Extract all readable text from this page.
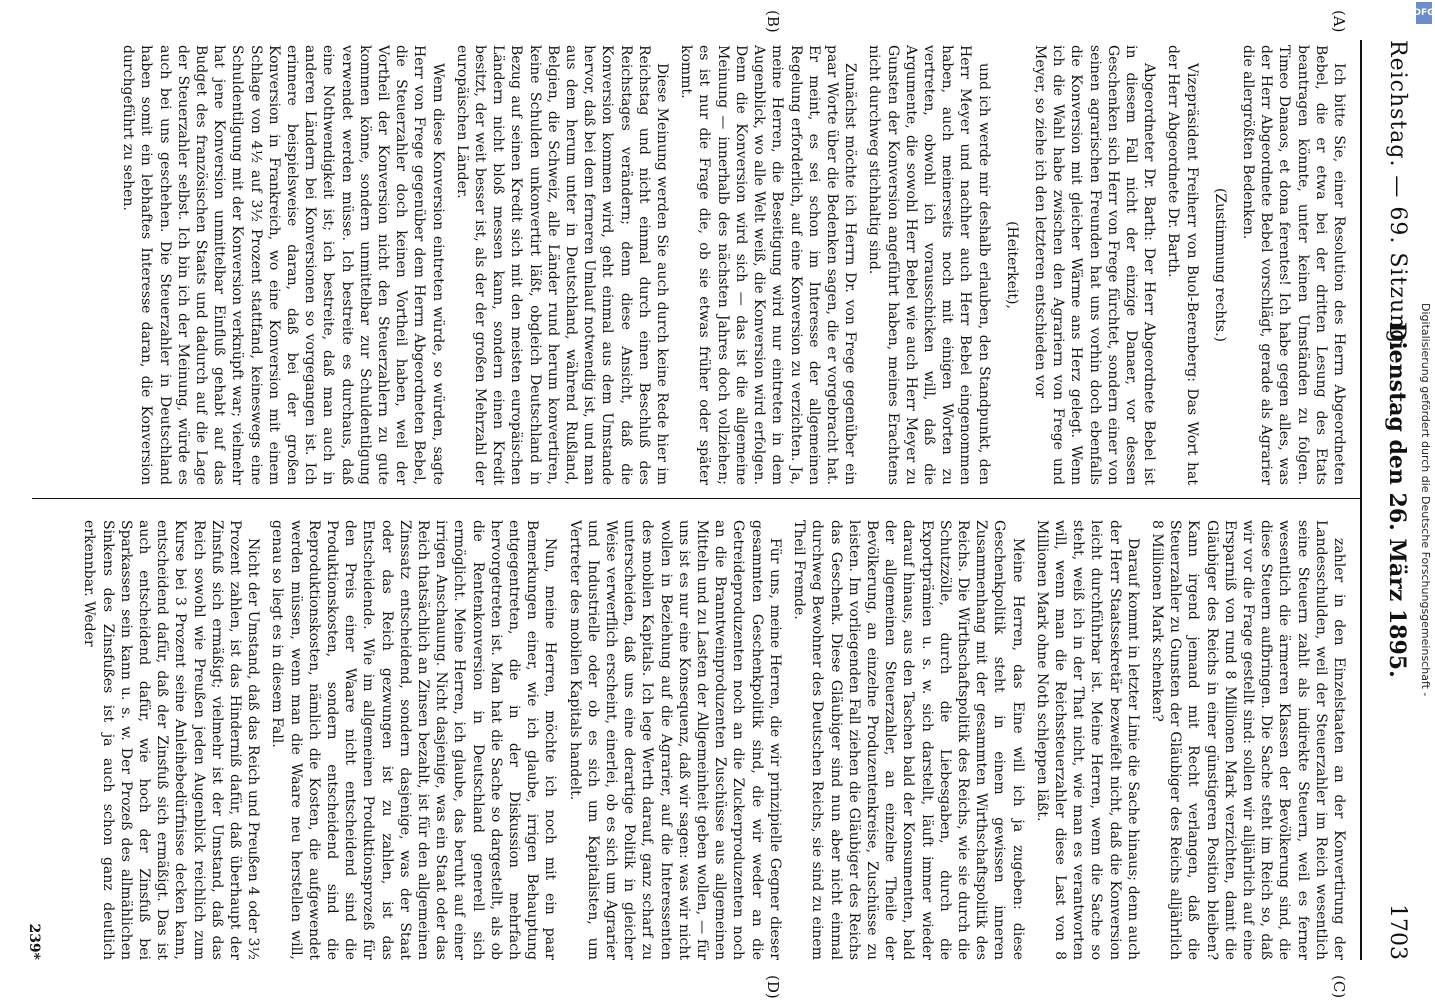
Reichstag. — 69. Sitzung.
Dienstag den 26. März 1895.
1703
(A)
(B)
(C)
(D)

Ich bitte Sie, einer Resolution des Herrn Abgeordneten Bebel, die er etwa bei der dritten Lesung des Etats beantragen könnte, unter keinen Umständen zu folgen. Timeo Danaos, et dona ferentes! Ich habe gegen alles, was der Herr Abgeordnete Bebel vorschlägt, gerade als Agrarier die allergrößten Bedenken.

(Zustimmung rechts.)

Vizepräsident Freiherr von Buol-Berenberg: Das Wort hat der Herr Abgeordnete Dr. Barth.

Abgeordneter Dr. Barth: Der Herr Abgeordnete Bebel ist in diesem Fall nicht der einzige Danaer, vor dessen Geschenken sich Herr von Frege fürchtet, sondern einer von seinen agrarischen Freunden hat uns vorhin doch ebenfalls die Konversion mit gleicher Wärme ans Herz gelegt. Wenn ich die Wahl habe zwischen den Agrariern von Frege und Meyer, so ziehe ich den letzteren entschieden vor

(Heiterkeit),

und ich werde mir deshalb erlauben, den Standpunkt, den Herr Meyer und nachher auch Herr Bebel eingenommen haben, auch meinerseits noch mit einigen Worten zu vertreten, obwohl ich vorausschicken will, daß die Argumente, die sowohl Herr Bebel wie auch Herr Meyer zu Gunsten der Konversion angeführt haben, meines Erachtens nicht durchweg stichhaltig sind.

Zunächst möchte ich Herrn Dr. von Frege gegenüber ein paar Worte über die Bedenken sagen, die er vorgebracht hat. Er meint, es sei schon im Interesse der allgemeinen Regelung erforderlich, auf eine Konversion zu verzichten. Ja, meine Herren, die Beseitigung wird nur eintreten in dem Augenblick, wo alle Welt weiß, die Konversion wird erfolgen. Denn die Konversion wird sich — das ist die allgemeine Meinung — innerhalb des nächsten Jahres doch vollziehen; es ist nur die Frage die, ob sie etwas früher oder später kommt.

Diese Meinung werden Sie auch durch keine Rede hier im Reichstag und nicht einmal durch einen Beschluß des Reichstages verändern; denn diese Ansicht, daß die Konversion kommen wird, geht einmal aus dem Umstande hervor, daß bei dem ferneren Umlauf notwendig ist, und man aus dem herum unter in Deutschland, während Rußland, Belgien, die Schweiz, alle Länder rund herum konvertiren, keine Schulden unkonvertirt läßt, obgleich Deutschland in Bezug auf seinen Kredit sich mit den meisten europäischen Ländern nicht bloß messen kann, sondern einen Kredit besitzt, der weit besser ist, als der der großen Mehrzahl der europäischen Länder.

Wenn diese Konversion eintreten würde, so würden, sagte Herr von Frege gegenüber dem Herrn Abgeordneten Bebel, die Steuerzahler doch keinen Vortheil haben, weil der Vortheil der Konversion nicht den Steuerzahlern zu gute kommen könne, sondern unmittelbar zur Schuldentilgung verwendet werden müsse. Ich bestreite es durchaus, daß eine Nothwendigkeit ist; ich bestreite, daß man auch in anderen Ländern bei Konversionen so vorgegangen ist. Ich erinnere beispielsweise daran, daß bei der großen Konversion in Frankreich, wo eine Konversion mit einem Schlage von 4½ auf 3½ Prozent stattfand, keineswegs eine Schuldentilgung mit der Konversion verknüpft war; vielmehr hat jene Konversion unmittelbar Einfluß gehabt auf das Budget des französischen Staats und dadurch auf die Lage der Steuerzahler selbst. Ich bin ich der Meinung, würde es auch bei uns geschehen. Die Steuerzahler in Deutschland haben somit ein lebhaftes Interesse daran, die Konversion durchgeführt zu sehen.

zahler in den Einzelstaaten an der Konvertirung der Landesschulden, weil der Steuerzahler im Reich wesentlich seine Steuern zahlt als indirekte Steuern, weil es ferner wesentlich die ärmeren Klassen der Bevölkerung sind, die diese Steuern aufbringen. Die Sache steht im Reich so, daß wir vor die Frage gestellt sind: sollen wir alljährlich auf eine Ersparniß von rund 8 Millionen Mark verzichten, damit die Gläubiger des Reichs in einer günstigeren Position bleiben? Kann irgend jemand mit Recht verlangen, daß die Steuerzahler zu Gunsten der Gläubiger des Reichs alljährlich 8 Millionen Mark schenken?

Darauf kommt in letzter Linie die Sache hinaus; denn auch der Herr Staatssekretär bezweifelt nicht, daß die Konversion leicht durchführbar ist. Meine Herren, wenn die Sache so steht, weiß ich in der That nicht, wie man es verantworten will, wenn man die Reichssteuerzahler diese Last von 8 Millionen Mark ohne Noth schleppen läßt.

Meine Herren, das Eine will ich ja zugeben: diese Geschenkpolitik steht in einem gewissen inneren Zusammenhang mit der gesammten Wirthschaftspolitik des Reichs. Die Wirthschaftspolitik des Reichs, wie sie durch die Schutzzölle, durch die Liebesgaben, durch die Exportprämien u. s. w. sich darstellt, läuft immer wieder darauf hinaus, aus den Taschen bald der Konsumenten, bald der allgemeinen Steuerzahler, an einzelne Theile der Bevölkerung, an einzelne Produzentenkreise, Zuschüsse zu leisten. Im vorliegenden Fall ziehen die Gläubiger des Reichs das Geschenk. Diese Gläubiger sind nun aber nicht einmal durchweg Bewohner des Deutschen Reichs, sie sind zu einem Theil Fremde.

Für uns, meine Herren, die wir prinzipielle Gegner dieser gesammten Geschenkpolitik sind, die wir weder an die Getreideproduzenten noch an die Zuckerproduzenten noch an die Branntweinproduzenten Zuschüsse aus allgemeinen Mitteln und zu Lasten der Allgemeinheit geben wollen, — für uns ist es nur eine Konsequenz, daß wir sagen: was wir nicht wollen in Beziehung auf die Agrarier, auf die Interessenten des mobilen Kapitals. Ich lege Werth darauf, ganz scharf zu unterscheiden, daß uns eine derartige Politik in gleicher Weise verwerflich erscheint, einerlei, ob es sich um Agrarier und Industrielle oder ob es sich um Kapitalisten, um Vertreter des mobilen Kapitals handelt.

Nun, meine Herren, möchte ich noch mit ein paar Bemerkungen einer, wie ich glaube, irrigen Behauptung entgegentreten, die in der Diskussion mehrfach hervorgetreten ist. Man hat die Sache so dargestellt, als ob die Rentenkonversion in Deutschland generell sich ermöglicht. Meine Herren, ich glaube, das beruht auf einer irrigen Anschauung. Nicht dasjenige, was ein Staat oder das Reich thatsächlich an Zinsen bezahlt, ist für den allgemeinen Zinssatz entscheidend, sondern dasjenige, was der Staat oder das Reich gezwungen ist zu zahlen, ist das Entscheidende. Wie im allgemeinen Produktionsprozeß für den Preis einer Waare nicht entscheidend sind die Produktionskosten, sondern entscheidend sind die Reproduktionskosten, nämlich die Kosten, die aufgewendet werden müssen, wenn man die Waare neu herstellen will, genau so liegt es in diesem Fall.

Nicht der Umstand, daß das Reich und Preußen 4 oder 3½ Prozent zahlen, ist das Hinderniß dafür, daß überhaupt der Zinsfuß sich ermäßigt; vielmehr ist der Umstand, daß das Reich sowohl wie Preußen jeden Augenblick reichlich zum Kurse bei 3 Prozent seine Anleihebedürfnisse decken kann, entscheidend dafür, daß der Zinsfuß sich ermäßigt. Das ist auch entscheidend dafür, wie hoch der Zinsfuß bei Sparkassen sein kann u. s. w. Der Prozeß des allmählichen Sinkens des Zinsfußes ist ja auch schon ganz deutlich erkennbar. Weder

239*
DFG
Digitalisierung gefördert durch die Deutsche Forschungsgemeinschaft -
